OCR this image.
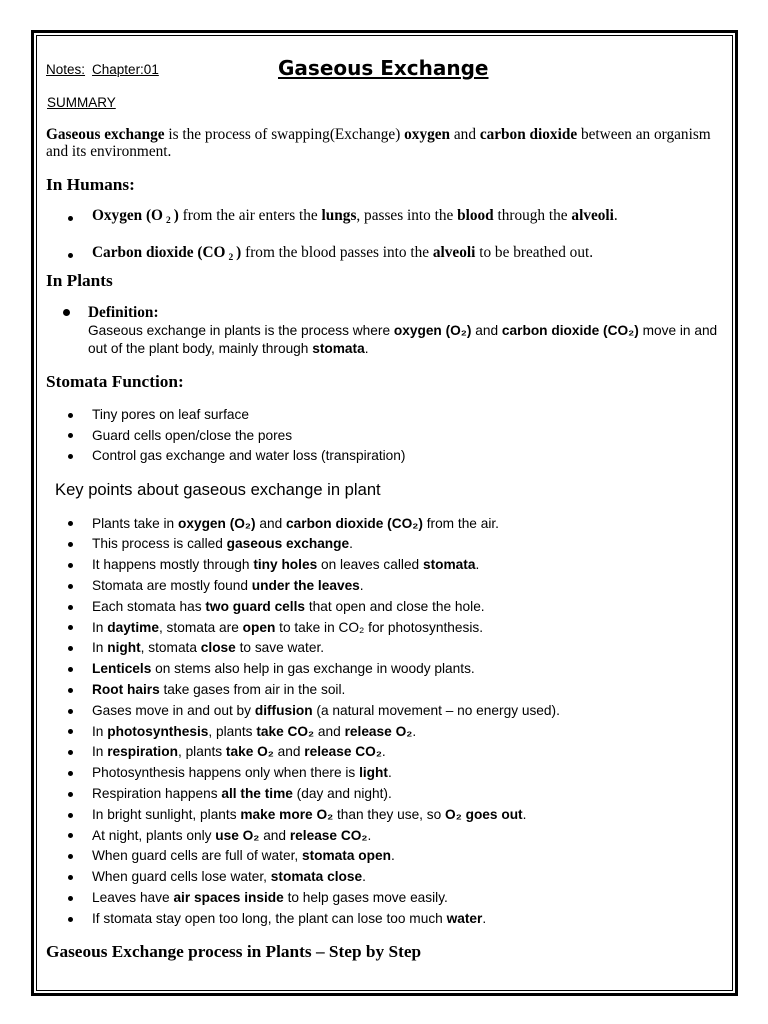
Notes: Chapter:01	Gaseous Exchange
SUMMARY

Gaseous exchange is the process of swapping(Exchange) oxygen and carbon dioxide between an organism and its environment.

In Humans:
Oxygen (O $_2$ ) from the air enters the lungs, passes into the blood through the alveoli.
Carbon dioxide (CO $_2$ ) from the blood passes into the alveoli to be breathed out.
In Plants
Definition:

Gaseous exchange in plants is the process where oxygen (O₂) and carbon dioxide (CO₂) move in and out of the plant body, mainly through stomata.

Stomata Function:
Tiny pores on leaf surface
Guard cells open/close the pores
Control gas exchange and water loss (transpiration)
Key points about gaseous exchange in plant
Plants take in oxygen (O₂) and carbon dioxide (CO₂) from the air.
This process is called gaseous exchange.
It happens mostly through tiny holes on leaves called stomata.
Stomata are mostly found under the leaves.
Each stomata has two guard cells that open and close the hole.
In daytime, stomata are open to take in CO₂ for photosynthesis.
In night, stomata close to save water.
Lenticels on stems also help in gas exchange in woody plants.
Root hairs take gases from air in the soil.
Gases move in and out by diffusion (a natural movement – no energy used).
In photosynthesis, plants take CO₂ and release O₂.
In respiration, plants take O₂ and release CO₂.
Photosynthesis happens only when there is light.
Respiration happens all the time (day and night).
In bright sunlight, plants make more O₂ than they use, so O₂ goes out.
At night, plants only use O₂ and release CO₂.
When guard cells are full of water, stomata open.
When guard cells lose water, stomata close.
Leaves have air spaces inside to help gases move easily.
If stomata stay open too long, the plant can lose too much water.
Gaseous Exchange process in Plants – Step by Step
